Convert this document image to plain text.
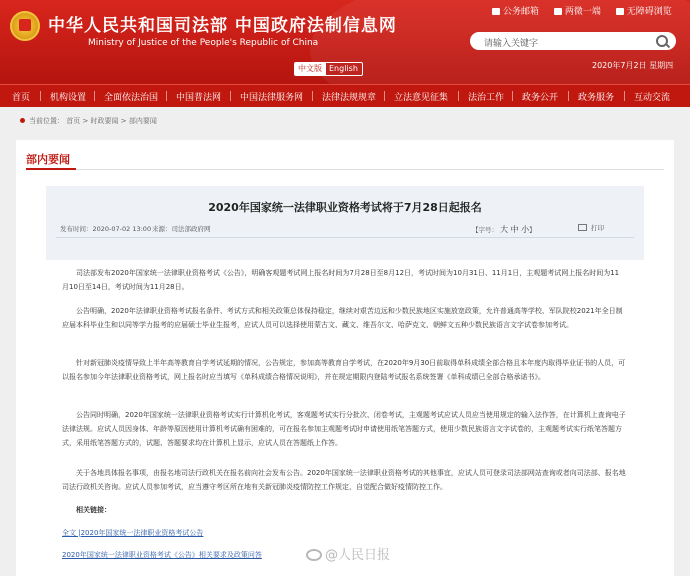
中华人民共和国司法部 中国政府法制信息网
Ministry of Justice of the People's Republic of China
公务邮箱	两微一端	无障碍浏览
请输入关键字
中文版 English	2020年7月2日 星期四
首页 机构设置 全面依法治国 中国普法网 中国法律服务网 法律法规规章 立法意见征集 法治工作 政务公开 政务服务 互动交流
当前位置： 首页 > 时政要闻 > 部内要闻
部内要闻
2020年国家统一法律职业资格考试将于7月28日起报名
发布时间：2020-07-02 13:00 来源：司法部政府网	【字号： 大 中 小】	打印
司法部发布2020年国家统一法律职业资格考试《公告》，明确客观题考试网上报名时间为7月28日至8月12日，考试时间为10月31日、11月1日，主观题考试网上报名时间为11月10日至14日，考试时间为11月28日。
公告明确，2020年法律职业资格考试报名条件、考试方式和相关政策总体保持稳定，继续对艰苦边远和少数民族地区实施放宽政策，允许普通高等学校、军队院校2021年全日制应届本科毕业生和以同等学力报考的应届硕士毕业生报考，应试人员可以选择使用蒙古文、藏文、维吾尔文、哈萨克文、朝鲜文五种少数民族语言文字试卷参加考试。
针对新冠肺炎疫情导致上半年高等教育自学考试延期的情况，公告规定，参加高等教育自学考试，在2020年9月30日前取得单科成绩全部合格且本年度内取得毕业证书的人员，可以报名参加今年法律职业资格考试，网上报名时应当填写《单科成绩合格情况说明》，并在规定期限内登陆考试报名系统签署《单科成绩已全部合格承诺书》。
公告同时明确，2020年国家统一法律职业资格考试实行计算机化考试，客观题考试实行分批次、闭卷考试，主观题考试应试人员应当使用规定的输入法作答，在计算机上查询电子法律法规。应试人员因身体、年龄等原因使用计算机考试确有困难的，可在报名参加主观题考试时申请使用纸笔答题方式，使用少数民族语言文字试卷的，主观题考试实行纸笔答题方式，采用纸笔答题方式的，试题、答题要求均在计算机上显示，应试人员在答题纸上作答。
关于各地具体报名事项，由报名地司法行政机关在报名前向社会发布公告。2020年国家统一法律职业资格考试的其他事宜，应试人员可登录司法部网站查询或者向司法部、报名地司法行政机关咨询。应试人员参加考试，应当遵守考区所在地有关新冠肺炎疫情防控工作规定，自觉配合做好疫情防控工作。
相关链接：
全文 |2020年国家统一法律职业资格考试公告
2020年国家统一法律职业资格考试《公告》相关要求及政策问答	@人民日报
